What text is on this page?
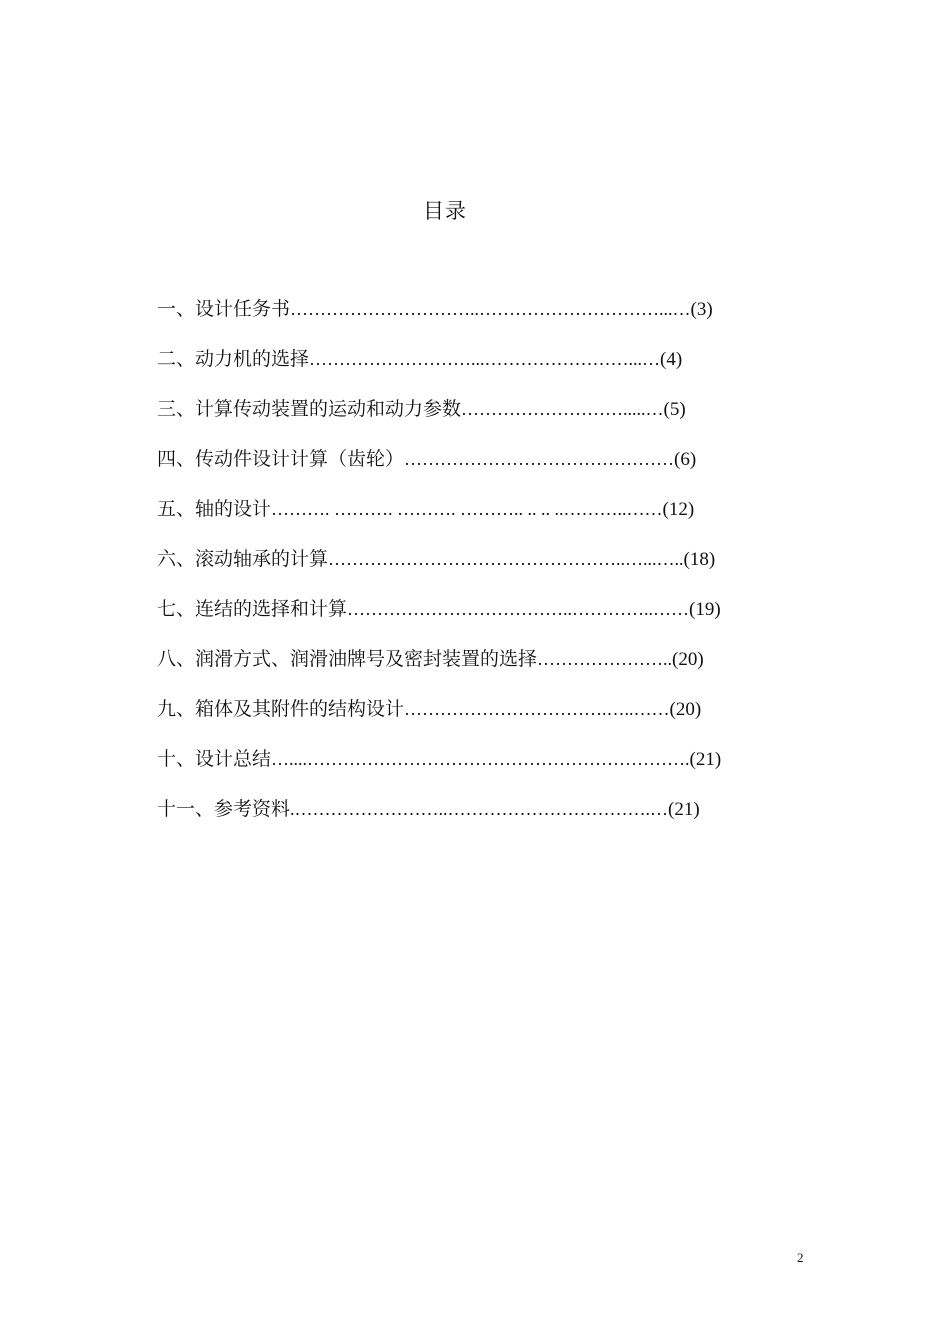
目录
一、设计任务书…………………………..…………………………...…(3)
二、动力机的选择………………………...……………………...…(4)
三、计算传动装置的运动和动力参数……………………….....…(5)
四、传动件设计计算（齿轮）………………………………………(6)
五、轴的设计………. ………. ………. ……….. .. .. ..………..……(12)
六、滚动轴承的计算…………………………………………..…...…..(18)
七、连结的选择和计算………………………………..…………..……(19)
八、润滑方式、润滑油牌号及密封装置的选择…………………..(20)
九、箱体及其附件的结构设计…………………………….…..……(20)
十、设计总结…....……………………………………………………….(21)
十一、参考资料.……………………..…………………………….…(21)
2
